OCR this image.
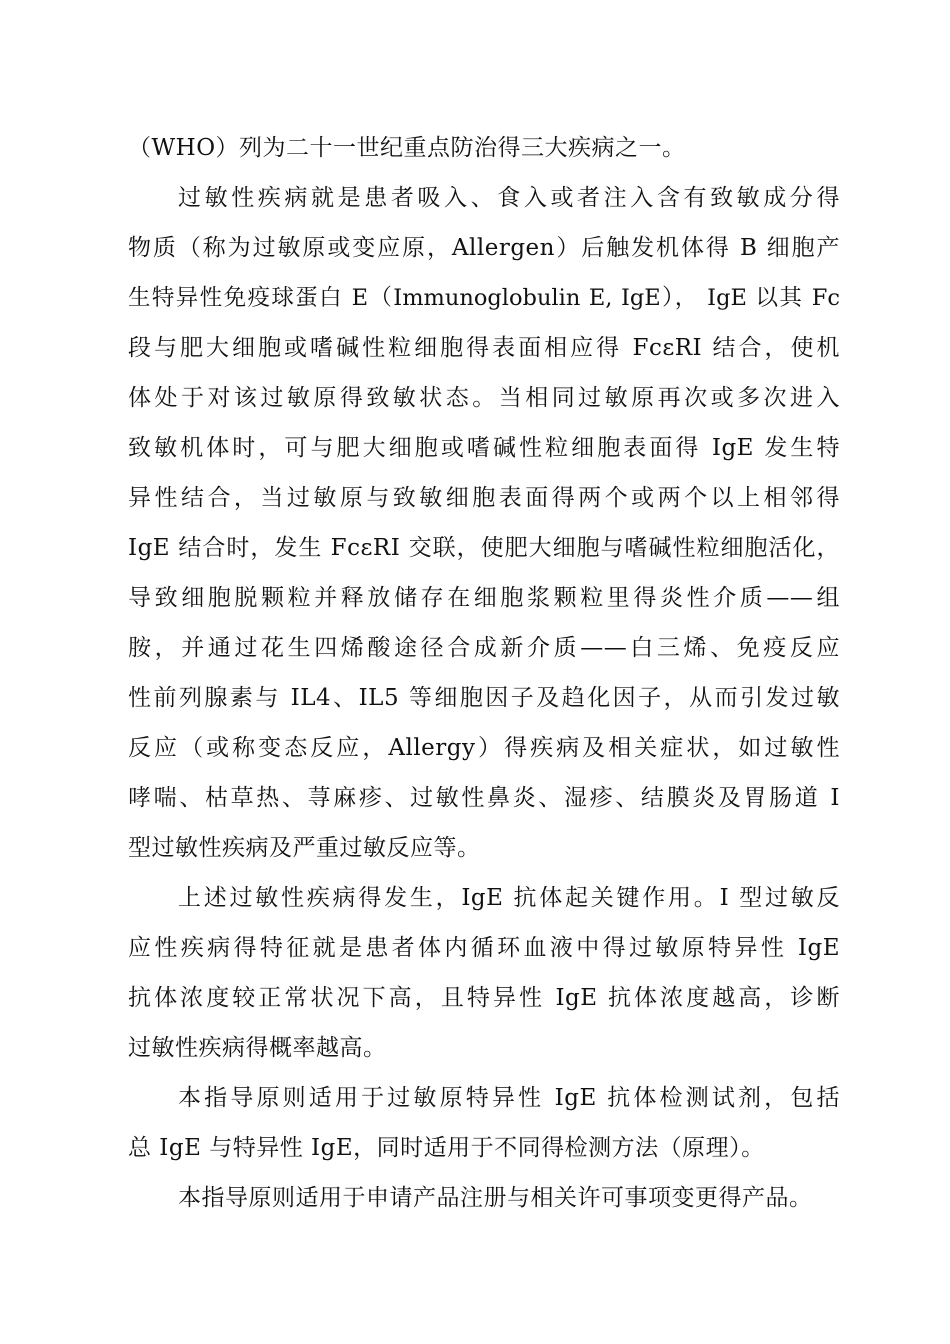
（WHO）列为二十一世纪重点防治得三大疾病之一。
过敏性疾病就是患者吸入、食入或者注入含有致敏成分得
物质（称为过敏原或变应原，Allergen）后触发机体得 B 细胞产
生特异性免疫球蛋白 E（Immunoglobulin E, IgE）， IgE 以其 Fc
段与肥大细胞或嗜碱性粒细胞得表面相应得 FcεRI 结合，使机
体处于对该过敏原得致敏状态。当相同过敏原再次或多次进入
致敏机体时，可与肥大细胞或嗜碱性粒细胞表面得 IgE 发生特
异性结合，当过敏原与致敏细胞表面得两个或两个以上相邻得
IgE 结合时，发生 FcεRI 交联，使肥大细胞与嗜碱性粒细胞活化，
导致细胞脱颗粒并释放储存在细胞浆颗粒里得炎性介质——组
胺，并通过花生四烯酸途径合成新介质——白三烯、免疫反应
性前列腺素与 IL4、IL5 等细胞因子及趋化因子，从而引发过敏
反应（或称变态反应，Allergy）得疾病及相关症状，如过敏性
哮喘、枯草热、荨麻疹、过敏性鼻炎、湿疹、结膜炎及胃肠道 I
型过敏性疾病及严重过敏反应等。
上述过敏性疾病得发生，IgE 抗体起关键作用。I 型过敏反
应性疾病得特征就是患者体内循环血液中得过敏原特异性 IgE
抗体浓度较正常状况下高，且特异性 IgE 抗体浓度越高，诊断
过敏性疾病得概率越高。
本指导原则适用于过敏原特异性 IgE 抗体检测试剂，包括
总 IgE 与特异性 IgE，同时适用于不同得检测方法（原理）。
本指导原则适用于申请产品注册与相关许可事项变更得产品。
